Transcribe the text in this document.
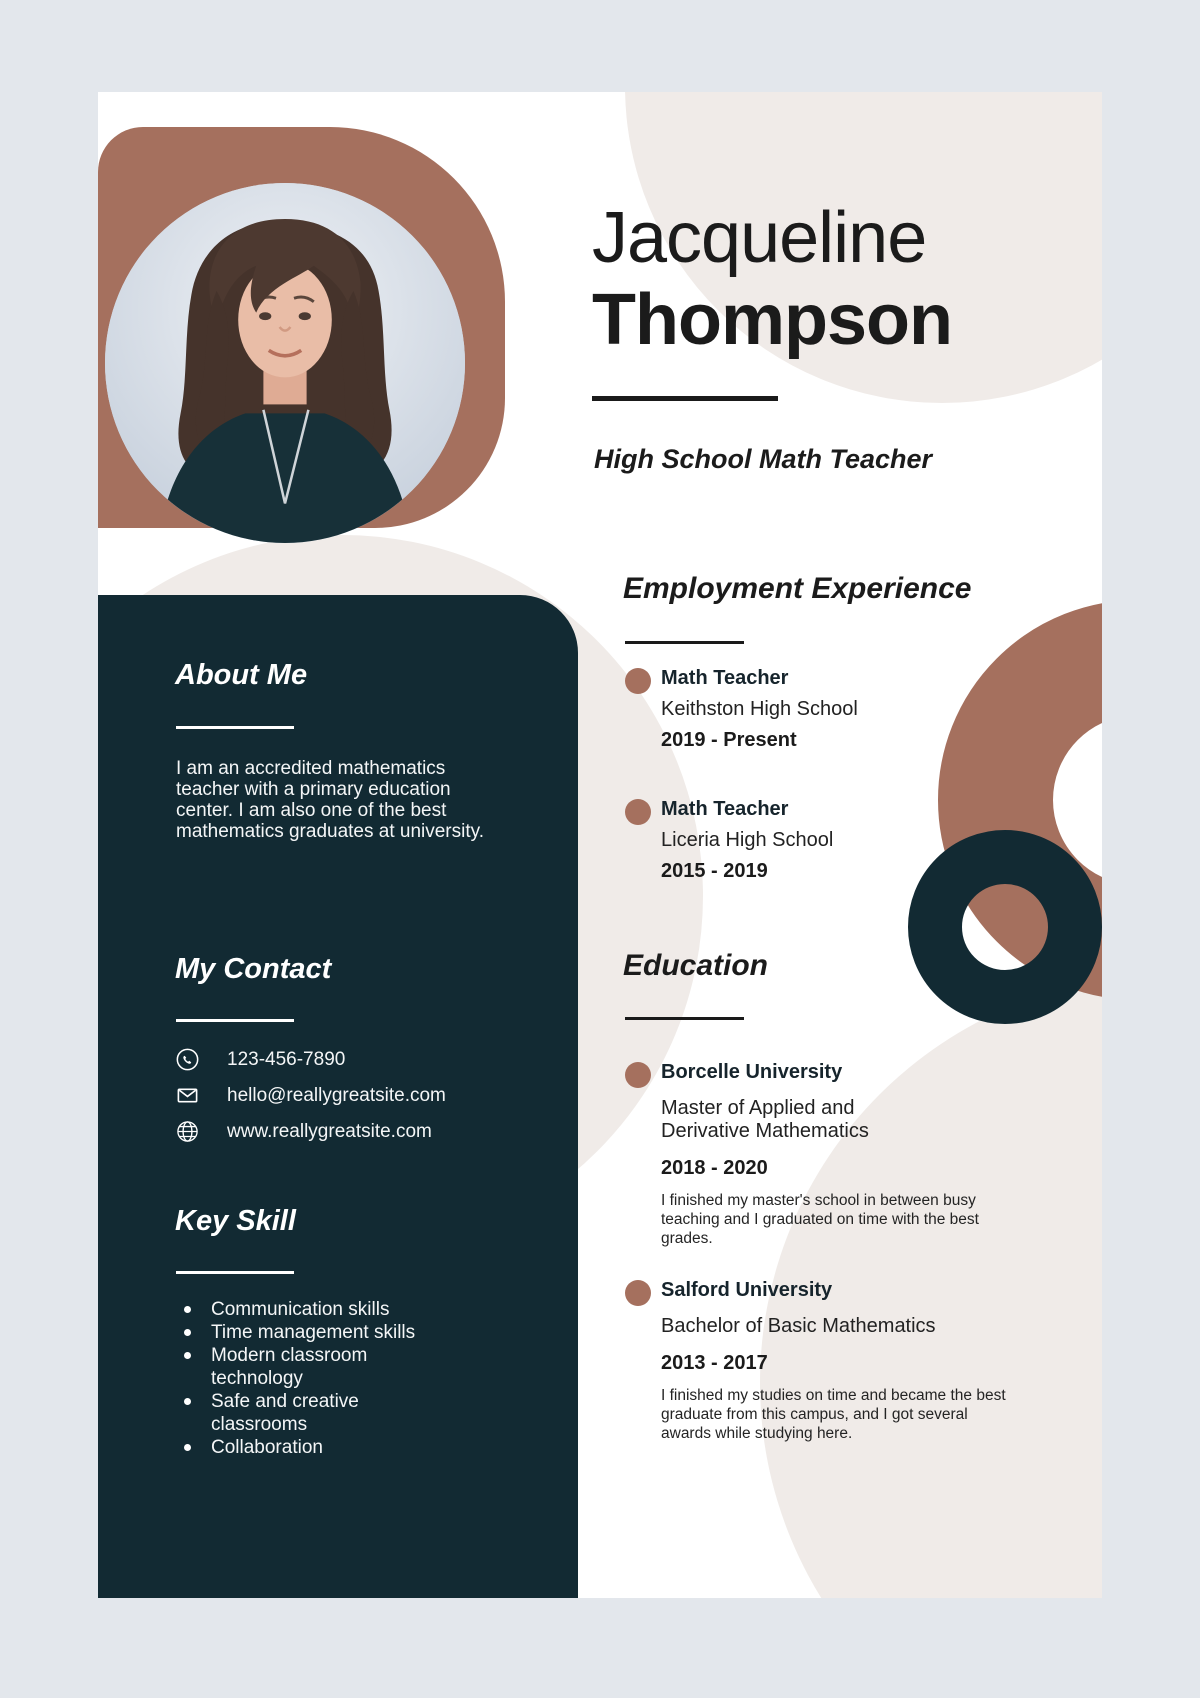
Jacqueline
Thompson
High School Math Teacher
Employment Experience
Math Teacher
Keithston High School
2019 - Present
Math Teacher
Liceria High School
2015 - 2019
Education
Borcelle University
Master of Applied and Derivative Mathematics
2018 - 2020
I finished my master's school in between busy teaching and I graduated on time with the best grades.
Salford University
Bachelor of Basic Mathematics
2013 - 2017
I finished my studies on time and became the best graduate from this campus, and I got several awards while studying here.
About Me
I am an accredited mathematics teacher with a primary education center. I am also one of the best mathematics graduates at university.
My Contact
123-456-7890
hello@reallygreatsite.com
www.reallygreatsite.com
Key Skill
Communication skills
Time management skills
Modern classroom technology
Safe and creative classrooms
Collaboration
